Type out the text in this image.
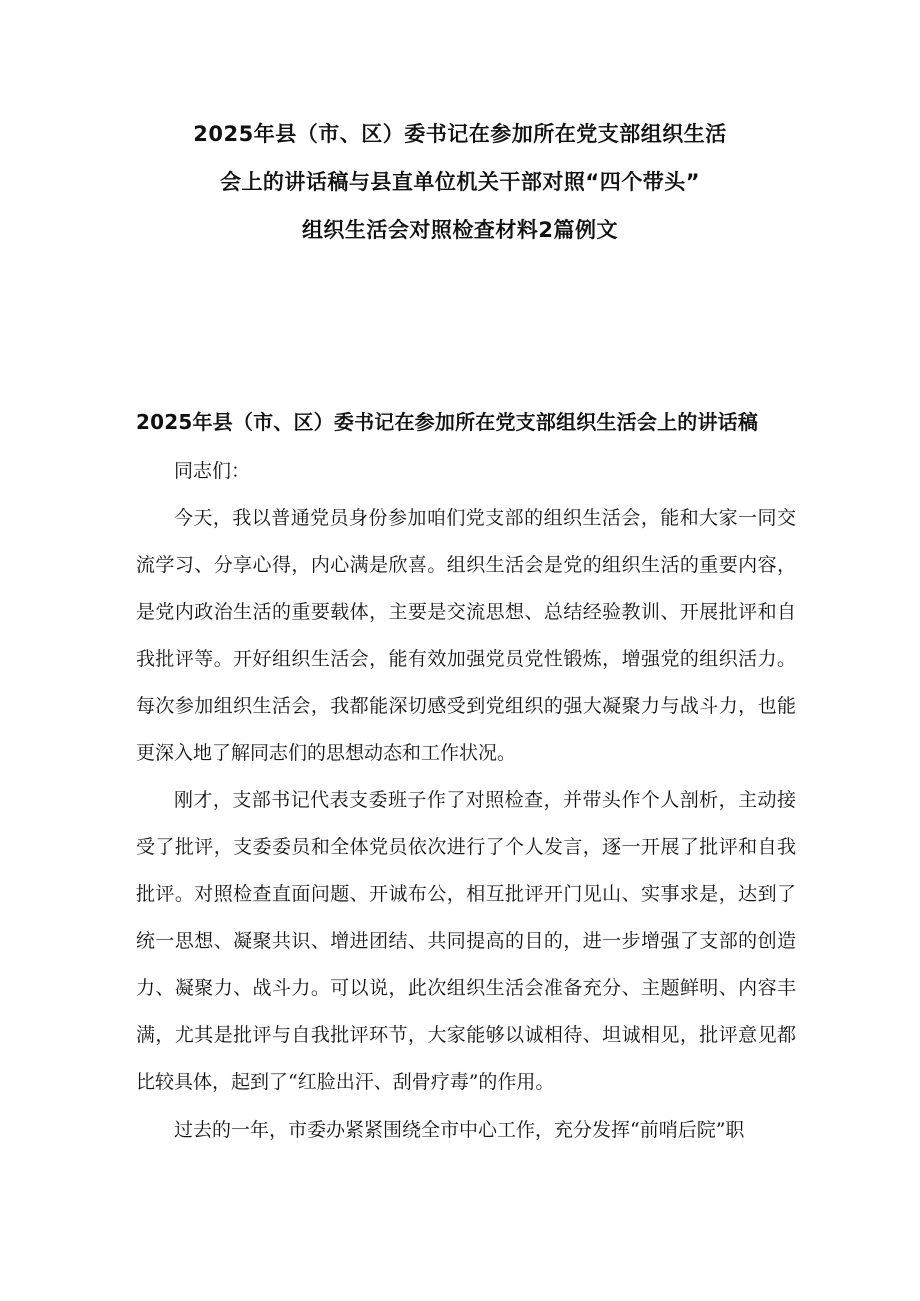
2025年县（市、区）委书记在参加所在党支部组织生活
会上的讲话稿与县直单位机关干部对照“四个带头”
组织生活会对照检查材料2篇例文
2025年县（市、区）委书记在参加所在党支部组织生活会上的讲话稿

同志们：

今天，我以普通党员身份参加咱们党支部的组织生活会，能和大家一同交流学习、分享心得，内心满是欣喜。组织生活会是党的组织生活的重要内容，是党内政治生活的重要载体，主要是交流思想、总结经验教训、开展批评和自我批评等。开好组织生活会，能有效加强党员党性锻炼，增强党的组织活力。每次参加组织生活会，我都能深切感受到党组织的强大凝聚力与战斗力，也能更深入地了解同志们的思想动态和工作状况。

刚才，支部书记代表支委班子作了对照检查，并带头作个人剖析，主动接受了批评，支委委员和全体党员依次进行了个人发言，逐一开展了批评和自我批评。对照检查直面问题、开诚布公，相互批评开门见山、实事求是，达到了统一思想、凝聚共识、增进团结、共同提高的目的，进一步增强了支部的创造力、凝聚力、战斗力。可以说，此次组织生活会准备充分、主题鲜明、内容丰满，尤其是批评与自我批评环节，大家能够以诚相待、坦诚相见，批评意见都比较具体，起到了“红脸出汗、刮骨疗毒”的作用。

过去的一年，市委办紧紧围绕全市中心工作，充分发挥“前哨后院”职
